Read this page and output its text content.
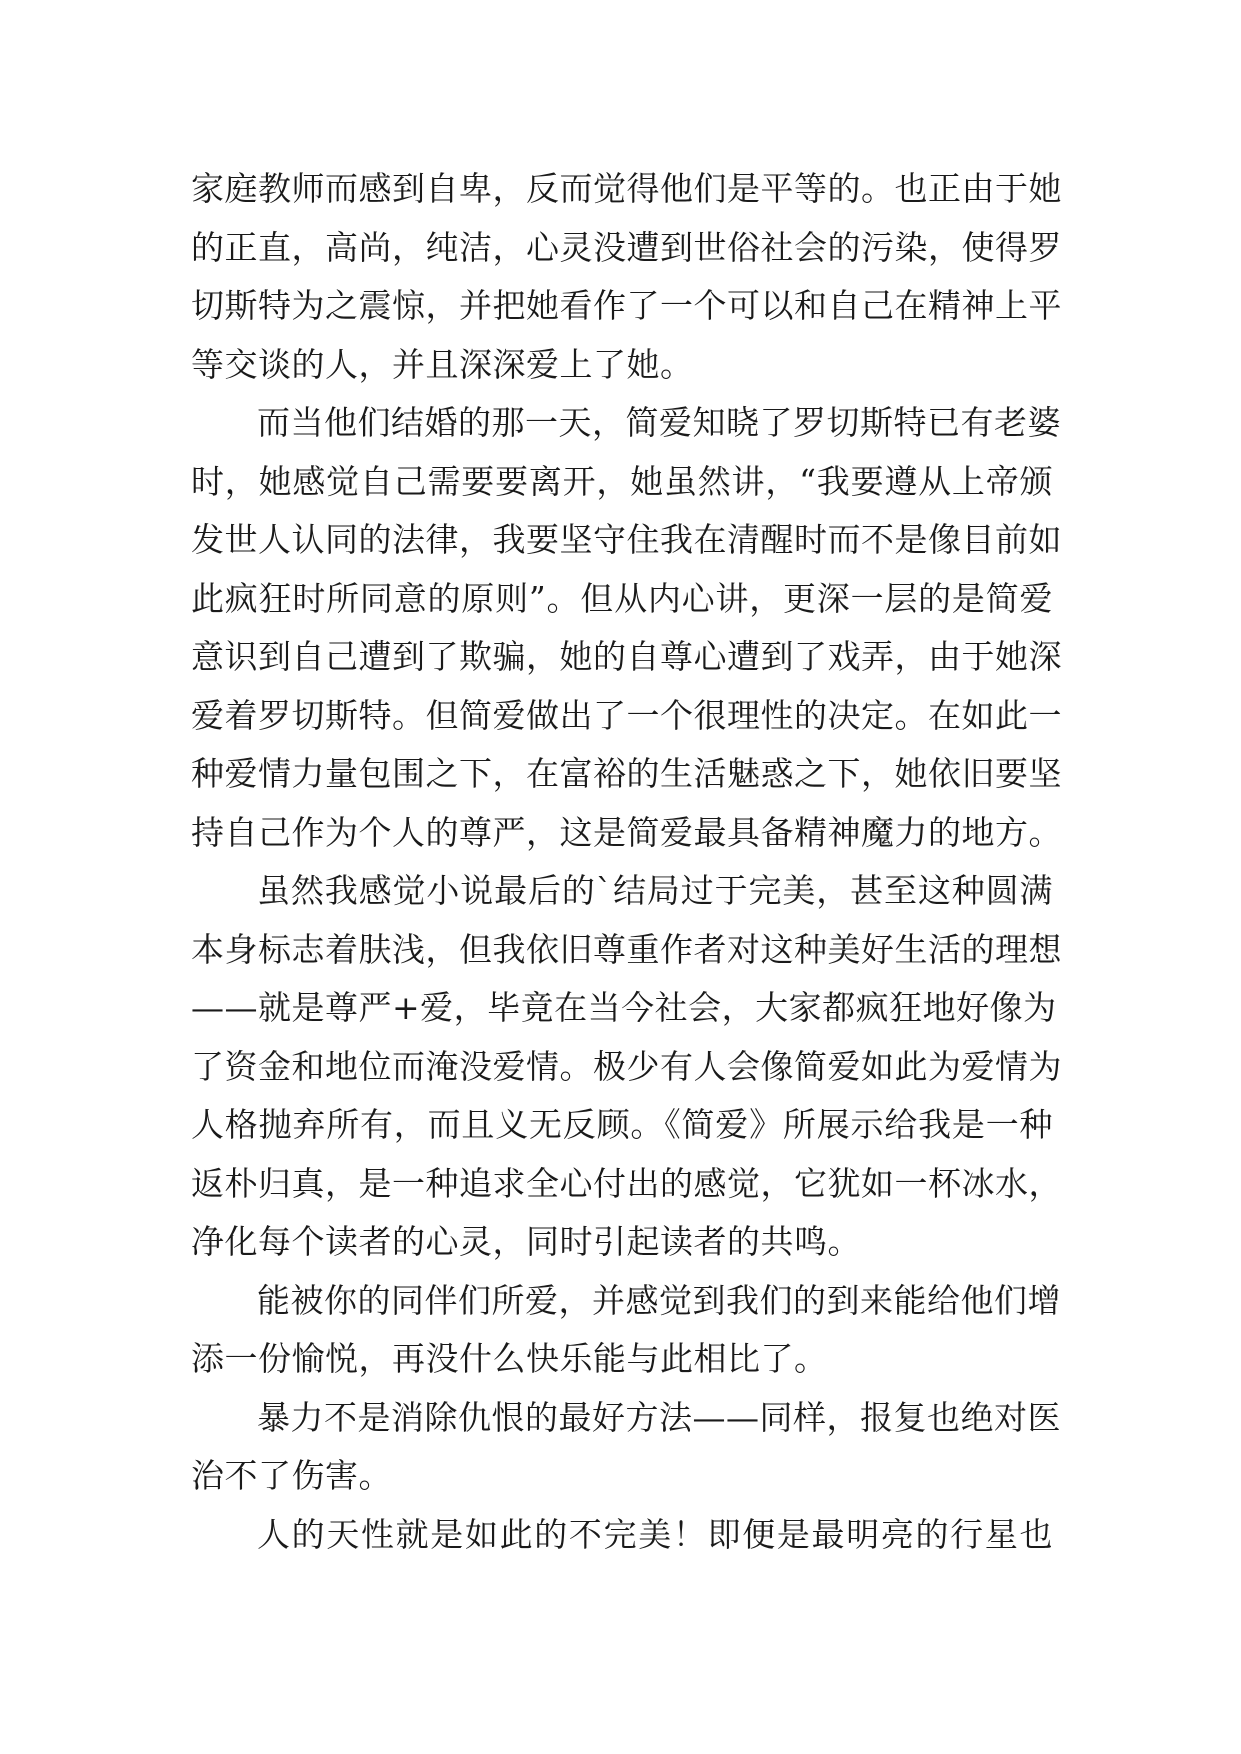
家庭教师而感到自卑，反而觉得他们是平等的。也正由于她
的正直，高尚，纯洁，心灵没遭到世俗社会的污染，使得罗
切斯特为之震惊，并把她看作了一个可以和自己在精神上平
等交谈的人，并且深深爱上了她。

而当他们结婚的那一天，简爱知晓了罗切斯特已有老婆
时，她感觉自己需要要离开，她虽然讲，“我要遵从上帝颁
发世人认同的法律，我要坚守住我在清醒时而不是像目前如
此疯狂时所同意的原则”。但从内心讲，更深一层的是简爱
意识到自己遭到了欺骗，她的自尊心遭到了戏弄，由于她深
爱着罗切斯特。但简爱做出了一个很理性的决定。在如此一
种爱情力量包围之下，在富裕的生活魅惑之下，她依旧要坚
持自己作为个人的尊严，这是简爱最具备精神魔力的地方。

虽然我感觉小说最后的`结局过于完美，甚至这种圆满
本身标志着肤浅，但我依旧尊重作者对这种美好生活的理想
——就是尊严+爱，毕竟在当今社会，大家都疯狂地好像为
了资金和地位而淹没爱情。极少有人会像简爱如此为爱情为
人格抛弃所有，而且义无反顾。《简爱》所展示给我是一种
返朴归真，是一种追求全心付出的感觉，它犹如一杯冰水，
净化每个读者的心灵，同时引起读者的共鸣。

能被你的同伴们所爱，并感觉到我们的到来能给他们增
添一份愉悦，再没什么快乐能与此相比了。

暴力不是消除仇恨的最好方法——同样，报复也绝对医
治不了伤害。

人的天性就是如此的不完美！即便是最明亮的行星也
